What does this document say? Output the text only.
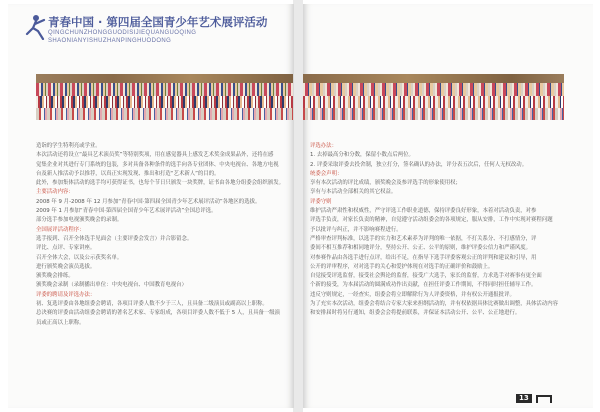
青春中国 · 第四届全国青少年艺术展评活动
QINGCHUNZHONGGUODISIJIEQUANGUOQING
SHAONIANYISHUZHANPINGHUODONG

造诣的学生特利亮或学业。

本次活动还将设立“最具艺术演员奖”等特别奖项，用在感觉器具上感发艺术奖金成果品外，还将在感

觉集企业对其进行专门系统的包装，多对具备各种条件的选手向各专业团体、中央电视台、各地方电视

台及新人推活动予以推荐，以真正实现发现、推出和打造“艺术新人”的目的。

此外，参加集体活动的选手均可获得证书，也每个节日只颁发一块奖牌，证书由各地分组委会组织颁发。

主要活动内容：

2008 年 9 月-2008 年 12 月参加“青春中国·第四届全国青少年艺术展评活动”各地区的选拔。

2009 年 1 月参加“青春中国·第四届全国青少年艺术展评活动”全国总评选。

部分选手参加电视颁奖晚会的录制。

全国展评活动程序：

选手报到、召开全体选手见面会（主要评委会发言）并合影留念。

评比、点评、专家讲座。

召开全体大会，以及公示获奖名单。

进行颁奖晚会演员选拔。

颁奖晚会排练。

颁奖晚会录制（录制播出单位：中央电视台、中国教育电视台）

评委的聘请及评选办法：

初、复选评委由各地组委会聘请，各项目评委人数不少于三人，且具备二级演员或副高以上职称。

总决赛的评委由活动组委会聘请的著名艺术家、专家组成，各项目评委人数不低于 5 人，且具备一级演

员或正高以上职称。

评选办法：

1. 去掉最高分和分数，保留小数点后两位。

2. 评委采取评委去投舍制，独立打分，签名确认的办法，评分表五次后，任何人无权改动。

统委会声明：

享有本次活动的评比成绩，颁奖晚会及参评选手的形象使用权；

享有与本活动全部相关的其它权益。

评委守则

维护活动严肃性和权威性，严守评选工作职业道德，保持评委良好形象，本着对活动负责，对参

评选手负责，对家长负责的精神，自觉遵守活动组委会的各项规定，服从安排，工作中实现对赛程问题

予以批评与纠正，并不影响赛程进行。

严格审查评判标准，以选手的实力和艺术素养为评判的唯一依据，不打关系分、不打感情分，评

委间不相互推荐和相同地评分，坚持公开、公正、公平的原则，维护评委公信力和严谨风度。

对参赛作品由各选手进行点评，给出不足，在指导下选手评委客观公正的评判和建议和引导，用

公开的评审程序，对对选手的关心和爱护体现在对选手的正确评价和鼓励上。

自觉接受评选监督，接受社会舆论的监督，接受广大选手，家长的监督，力求选手对赛事有更全面

个新的接受，为本届活动的圆满成功作出贡献，在担任评委工作期间，不得同时担任辅导工作。

违反守则规定，一经查实，组委会将立即解除行为人评委资格，并有权公开通报批评。

为了充实本次活动，组委会将结合专家大家来担纲活动的，并有权依据具体比赛做出调整，具体活动内容

和安排届时将另行通知，组委会会将提前联系，并保证本活动公开、公平、公正地进行。

13
